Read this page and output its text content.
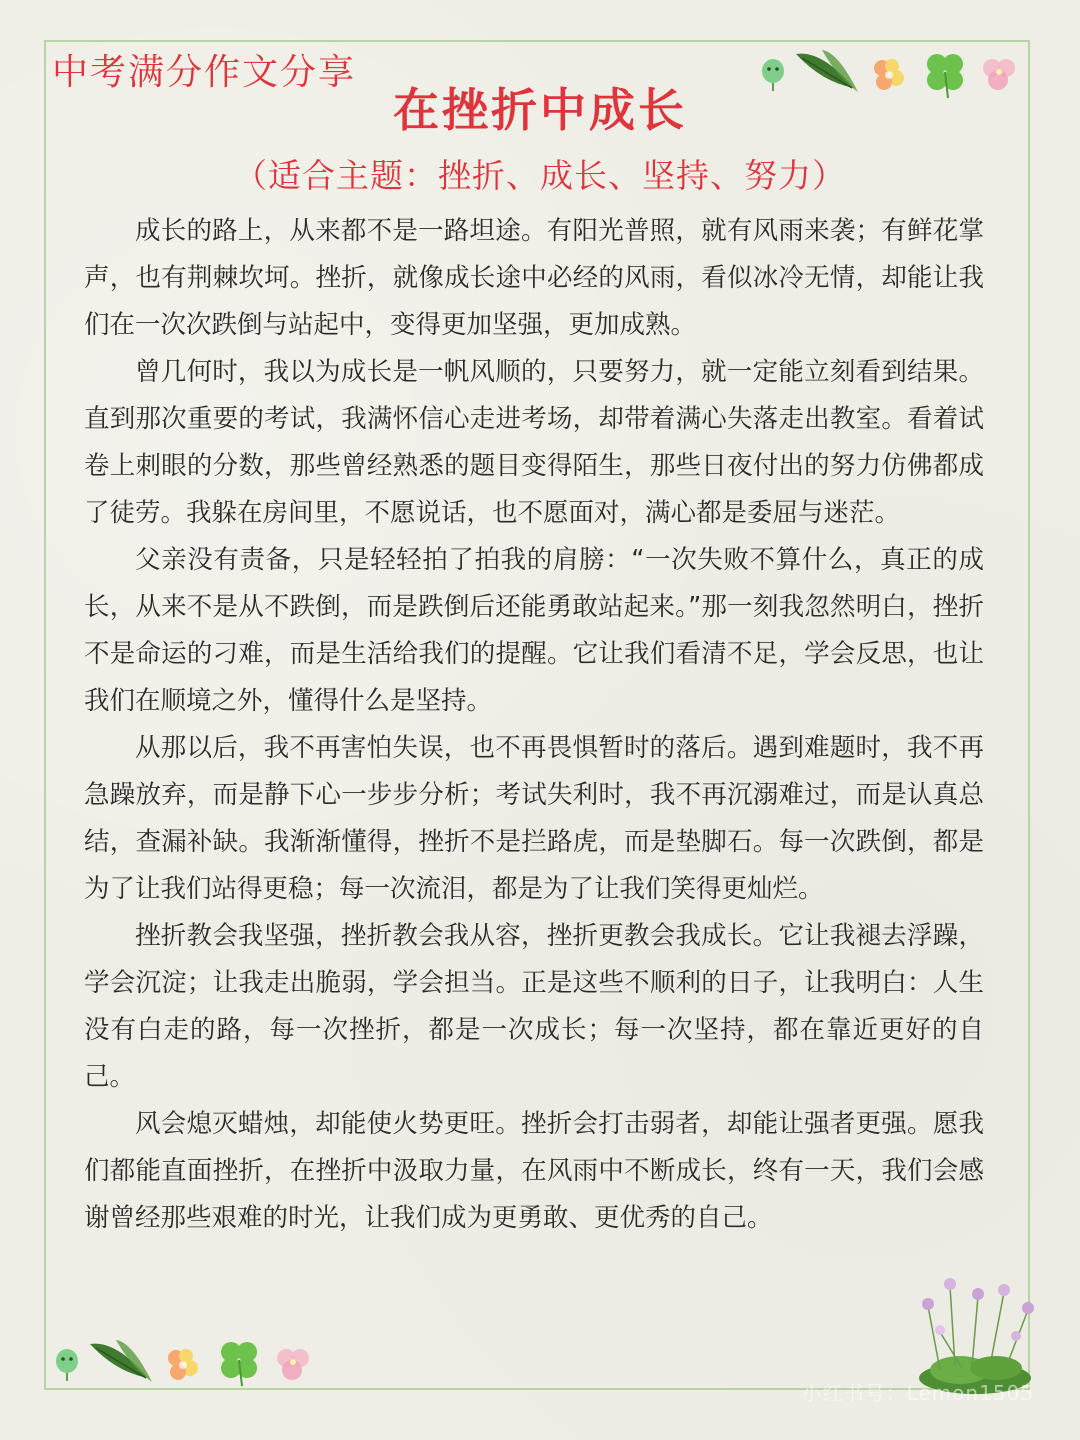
中考满分作文分享
在挫折中成长
（适合主题：挫折、成长、坚持、努力）

成长的路上，从来都不是一路坦途。有阳光普照，就有风雨来袭；有鲜花掌声，也有荆棘坎坷。挫折，就像成长途中必经的风雨，看似冰冷无情，却能让我们在一次次跌倒与站起中，变得更加坚强，更加成熟。

曾几何时，我以为成长是一帆风顺的，只要努力，就一定能立刻看到结果。直到那次重要的考试，我满怀信心走进考场，却带着满心失落走出教室。看着试卷上刺眼的分数，那些曾经熟悉的题目变得陌生，那些日夜付出的努力仿佛都成了徒劳。我躲在房间里，不愿说话，也不愿面对，满心都是委屈与迷茫。

父亲没有责备，只是轻轻拍了拍我的肩膀：“一次失败不算什么，真正的成长，从来不是从不跌倒，而是跌倒后还能勇敢站起来。”那一刻我忽然明白，挫折不是命运的刁难，而是生活给我们的提醒。它让我们看清不足，学会反思，也让我们在顺境之外，懂得什么是坚持。

从那以后，我不再害怕失误，也不再畏惧暂时的落后。遇到难题时，我不再急躁放弃，而是静下心一步步分析；考试失利时，我不再沉溺难过，而是认真总结，查漏补缺。我渐渐懂得，挫折不是拦路虎，而是垫脚石。每一次跌倒，都是为了让我们站得更稳；每一次流泪，都是为了让我们笑得更灿烂。

挫折教会我坚强，挫折教会我从容，挫折更教会我成长。它让我褪去浮躁，学会沉淀；让我走出脆弱，学会担当。正是这些不顺利的日子，让我明白：人生没有白走的路，每一次挫折，都是一次成长；每一次坚持，都在靠近更好的自己。

风会熄灭蜡烛，却能使火势更旺。挫折会打击弱者，却能让强者更强。愿我们都能直面挫折，在挫折中汲取力量，在风雨中不断成长，终有一天，我们会感谢曾经那些艰难的时光，让我们成为更勇敢、更优秀的自己。

小红书号：Lemon1505
